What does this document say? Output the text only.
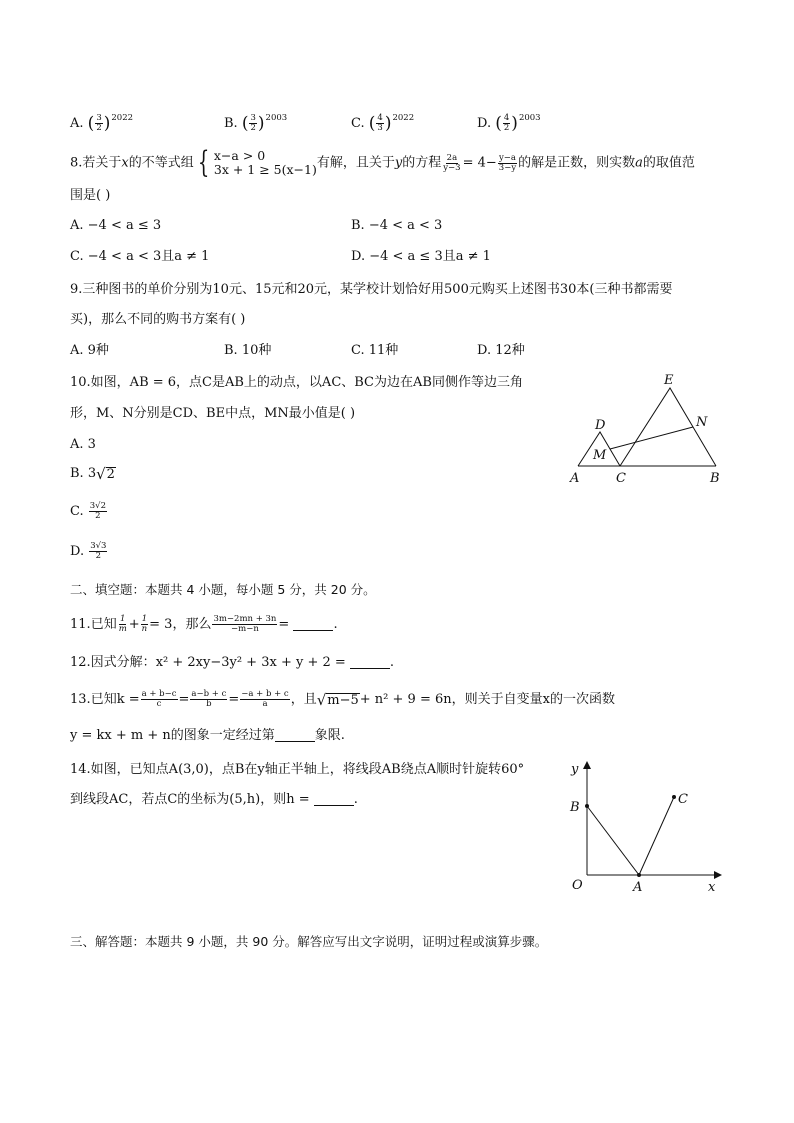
A. ( $\frac{3}{2} )^{2022}$	B. ( $\frac{3}{2} )^{2003}$	C. ( $\frac{4}{3} )^{2022}$	D. ( $\frac{4}{2} )^{2003}$
8.若关于x的不等式组 { x−a > 0
3x + 1 ≥ 5(x−1) 有解，且关于y的方程 $\frac{2a}{y-3} = 4- \frac{y-a}{3-y}$ 的解是正数，则实数a的取值范
围是( )
A. −4 < a ≤ 3	B. −4 < a < 3
C. −4 < a < 3且a ≠ 1	D. −4 < a ≤ 3且a ≠ 1
9.三种图书的单价分别为10元、15元和20元，某学校计划恰好用500元购买上述图书30本(三种书都需要
买)，那么不同的购书方案有( )
A. 9种	B. 10种	C. 11种	D. 12种
10.如图，AB = 6，点C是AB上的动点，以AC、BC为边在AB同侧作等边三角
形，M、N分别是CD、BE中点，MN最小值是( )
A. 3
B. 3 √ 2
C. $\frac{3√2}{2}$
D. $\frac{3√3}{2}$
E
D	N
M
A	C	B
二、填空题：本题共 4 小题，每小题 5 分，共 20 分。
11.已知 $\frac{1}{m} + \frac{1}{n} = 3$，那么 $\frac{3m-2mn + 3n}{-m-n}$ =	.
12.因式分解：x² + 2xy−3y² + 3x + y + 2 =	.
13.已知$k = \frac{a + b-c}{c} = \frac{a-b + c}{b} = \frac{-a + b + c}{a}$ ，且 √ m−5 + n² + 9 = 6n，则关于自变量x的一次函数
y = kx + m + n的图象一定经过第	象限.
14.如图，已知点A(3,0)，点B在y轴正半轴上，将线段AB绕点A顺时针旋转60°
到线段AC，若点C的坐标为(5,h)，则h =	.
y
B
C
O	A	x
三、解答题：本题共 9 小题，共 90 分。解答应写出文字说明，证明过程或演算步骤。
